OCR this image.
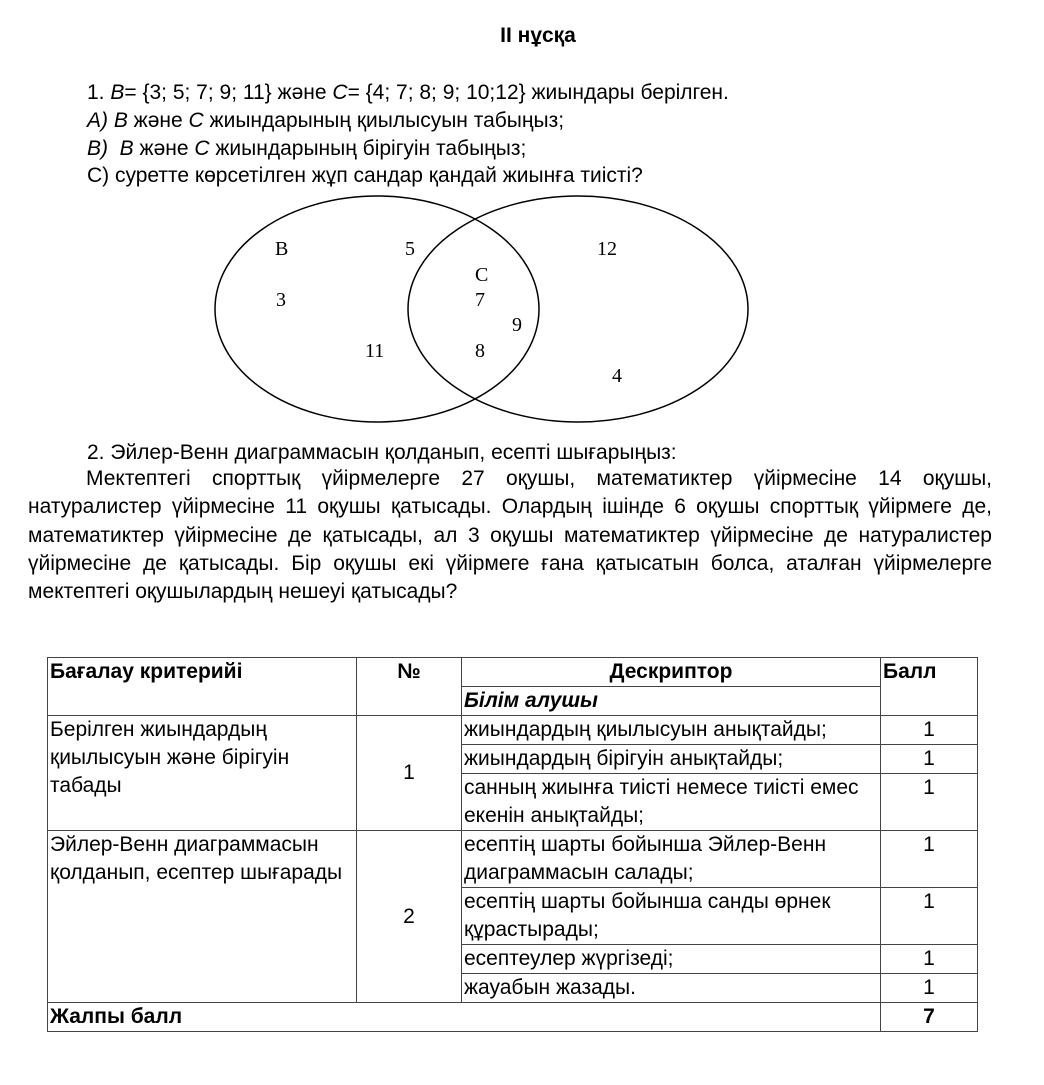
II нұсқа
1. B= {3; 5; 7; 9; 11} және C= {4; 7; 8; 9; 10;12} жиындары берілген.
A) B және C жиындарының қиылысуын табыңыз;
B)  B және C жиындарының бірігуін табыңыз;
C) суретте көрсетілген жұп сандар қандай жиынға тиісті?
B
C
5	12
3	7
9
11	8
4
2. Эйлер-Венн диаграммасын қолданып, есепті шығарыңыз:
Мектептегі спорттық үйірмелерге 27 оқушы, математиктер үйірмесіне 14 оқушы, натуралистер үйірмесіне 11 оқушы қатысады. Олардың ішінде 6 оқушы спорттық үйірмеге де, математиктер үйірмесіне де қатысады, ал 3 оқушы математиктер үйірмесіне де натуралистер үйірмесіне де қатысады. Бір оқушы екі үйірмеге ғана қатысатын болса, аталған үйірмелерге мектептегі оқушылардың нешеуі қатысады?
Бағалау критерийі	№	Дескриптор	Балл
		Білім алушы	
Берілген жиындардың қиылысуын және бірігуін табады	1	жиындардың қиылысуын анықтайды;	1
		жиындардың бірігуін анықтайды;	1
		санның жиынға тиісті немесе тиісті емес екенін анықтайды;	1
Эйлер-Венн диаграммасын қолданып, есептер шығарады	2	есептің шарты бойынша Эйлер-Венн диаграммасын салады;	1
		есептің шарты бойынша санды өрнек құрастырады;	1
		есептеулер жүргізеді;	1
		жауабын жазады.	1
Жалпы балл			7
